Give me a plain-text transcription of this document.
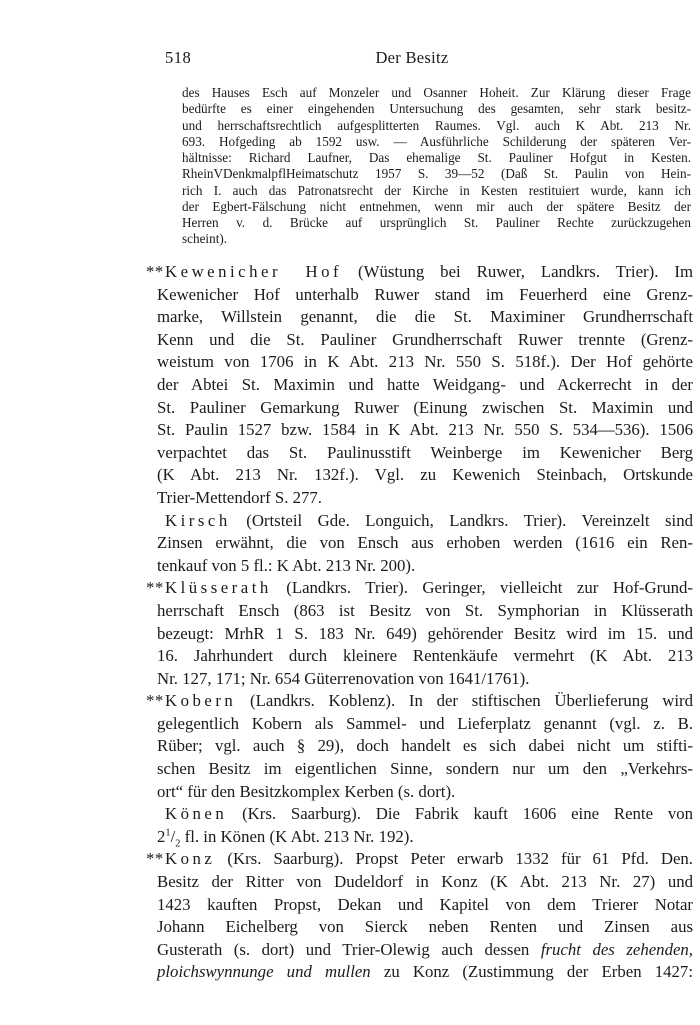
518	Der Besitz
des Hauses Esch auf Monzeler und Osanner Hoheit. Zur Klärung dieser Frage
bedürfte es einer eingehenden Untersuchung des gesamten, sehr stark besitz-
und herrschaftsrechtlich aufgesplitterten Raumes. Vgl. auch K Abt. 213 Nr.
693. Hofgeding ab 1592 usw. — Ausführliche Schilderung der späteren Ver-
hältnisse: Richard Laufner, Das ehemalige St. Pauliner Hofgut in Kesten.
RheinVDenkmalpflHeimatschutz 1957 S. 39—52 (Daß St. Paulin von Hein-
rich I. auch das Patronatsrecht der Kirche in Kesten restituiert wurde, kann ich
der Egbert-Fälschung nicht entnehmen, wenn mir auch der spätere Besitz der
Herren v. d. Brücke auf ursprünglich St. Pauliner Rechte zurückzugehen
scheint).
** Kewenicher Hof (Wüstung bei Ruwer, Landkrs. Trier). Im
Kewenicher Hof unterhalb Ruwer stand im Feuerherd eine Grenz-
marke, Willstein genannt, die die St. Maximiner Grundherrschaft
Kenn und die St. Pauliner Grundherrschaft Ruwer trennte (Grenz-
weistum von 1706 in K Abt. 213 Nr. 550 S. 518f.). Der Hof gehörte
der Abtei St. Maximin und hatte Weidgang- und Ackerrecht in der
St. Pauliner Gemarkung Ruwer (Einung zwischen St. Maximin und
St. Paulin 1527 bzw. 1584 in K Abt. 213 Nr. 550 S. 534—536). 1506
verpachtet das St. Paulinusstift Weinberge im Kewenicher Berg
(K Abt. 213 Nr. 132f.). Vgl. zu Kewenich Steinbach, Ortskunde
Trier-Mettendorf S. 277.
Kirsch (Ortsteil Gde. Longuich, Landkrs. Trier). Vereinzelt sind
Zinsen erwähnt, die von Ensch aus erhoben werden (1616 ein Ren-
tenkauf von 5 fl.: K Abt. 213 Nr. 200).
** Klüsserath (Landkrs. Trier). Geringer, vielleicht zur Hof-Grund-
herrschaft Ensch (863 ist Besitz von St. Symphorian in Klüsserath
bezeugt: MrhR 1 S. 183 Nr. 649) gehörender Besitz wird im 15. und
16. Jahrhundert durch kleinere Rentenkäufe vermehrt (K Abt. 213
Nr. 127, 171; Nr. 654 Güterrenovation von 1641/1761).
** Kobern (Landkrs. Koblenz). In der stiftischen Überlieferung wird
gelegentlich Kobern als Sammel- und Lieferplatz genannt (vgl. z. B.
Rüber; vgl. auch § 29), doch handelt es sich dabei nicht um stifti-
schen Besitz im eigentlichen Sinne, sondern nur um den „Verkehrs-
ort“ für den Besitzkomplex Kerben (s. dort).
Könen (Krs. Saarburg). Die Fabrik kauft 1606 eine Rente von
$2^1/_2$ fl. in Könen (K Abt. 213 Nr. 192).
** Konz (Krs. Saarburg). Propst Peter erwarb 1332 für 61 Pfd. Den.
Besitz der Ritter von Dudeldorf in Konz (K Abt. 213 Nr. 27) und
1423 kauften Propst, Dekan und Kapitel von dem Trierer Notar
Johann Eichelberg von Sierck neben Renten und Zinsen aus
Gusterath (s. dort) und Trier-Olewig auch dessen frucht des zehenden,
ploichswynnunge und mullen zu Konz (Zustimmung der Erben 1427:
